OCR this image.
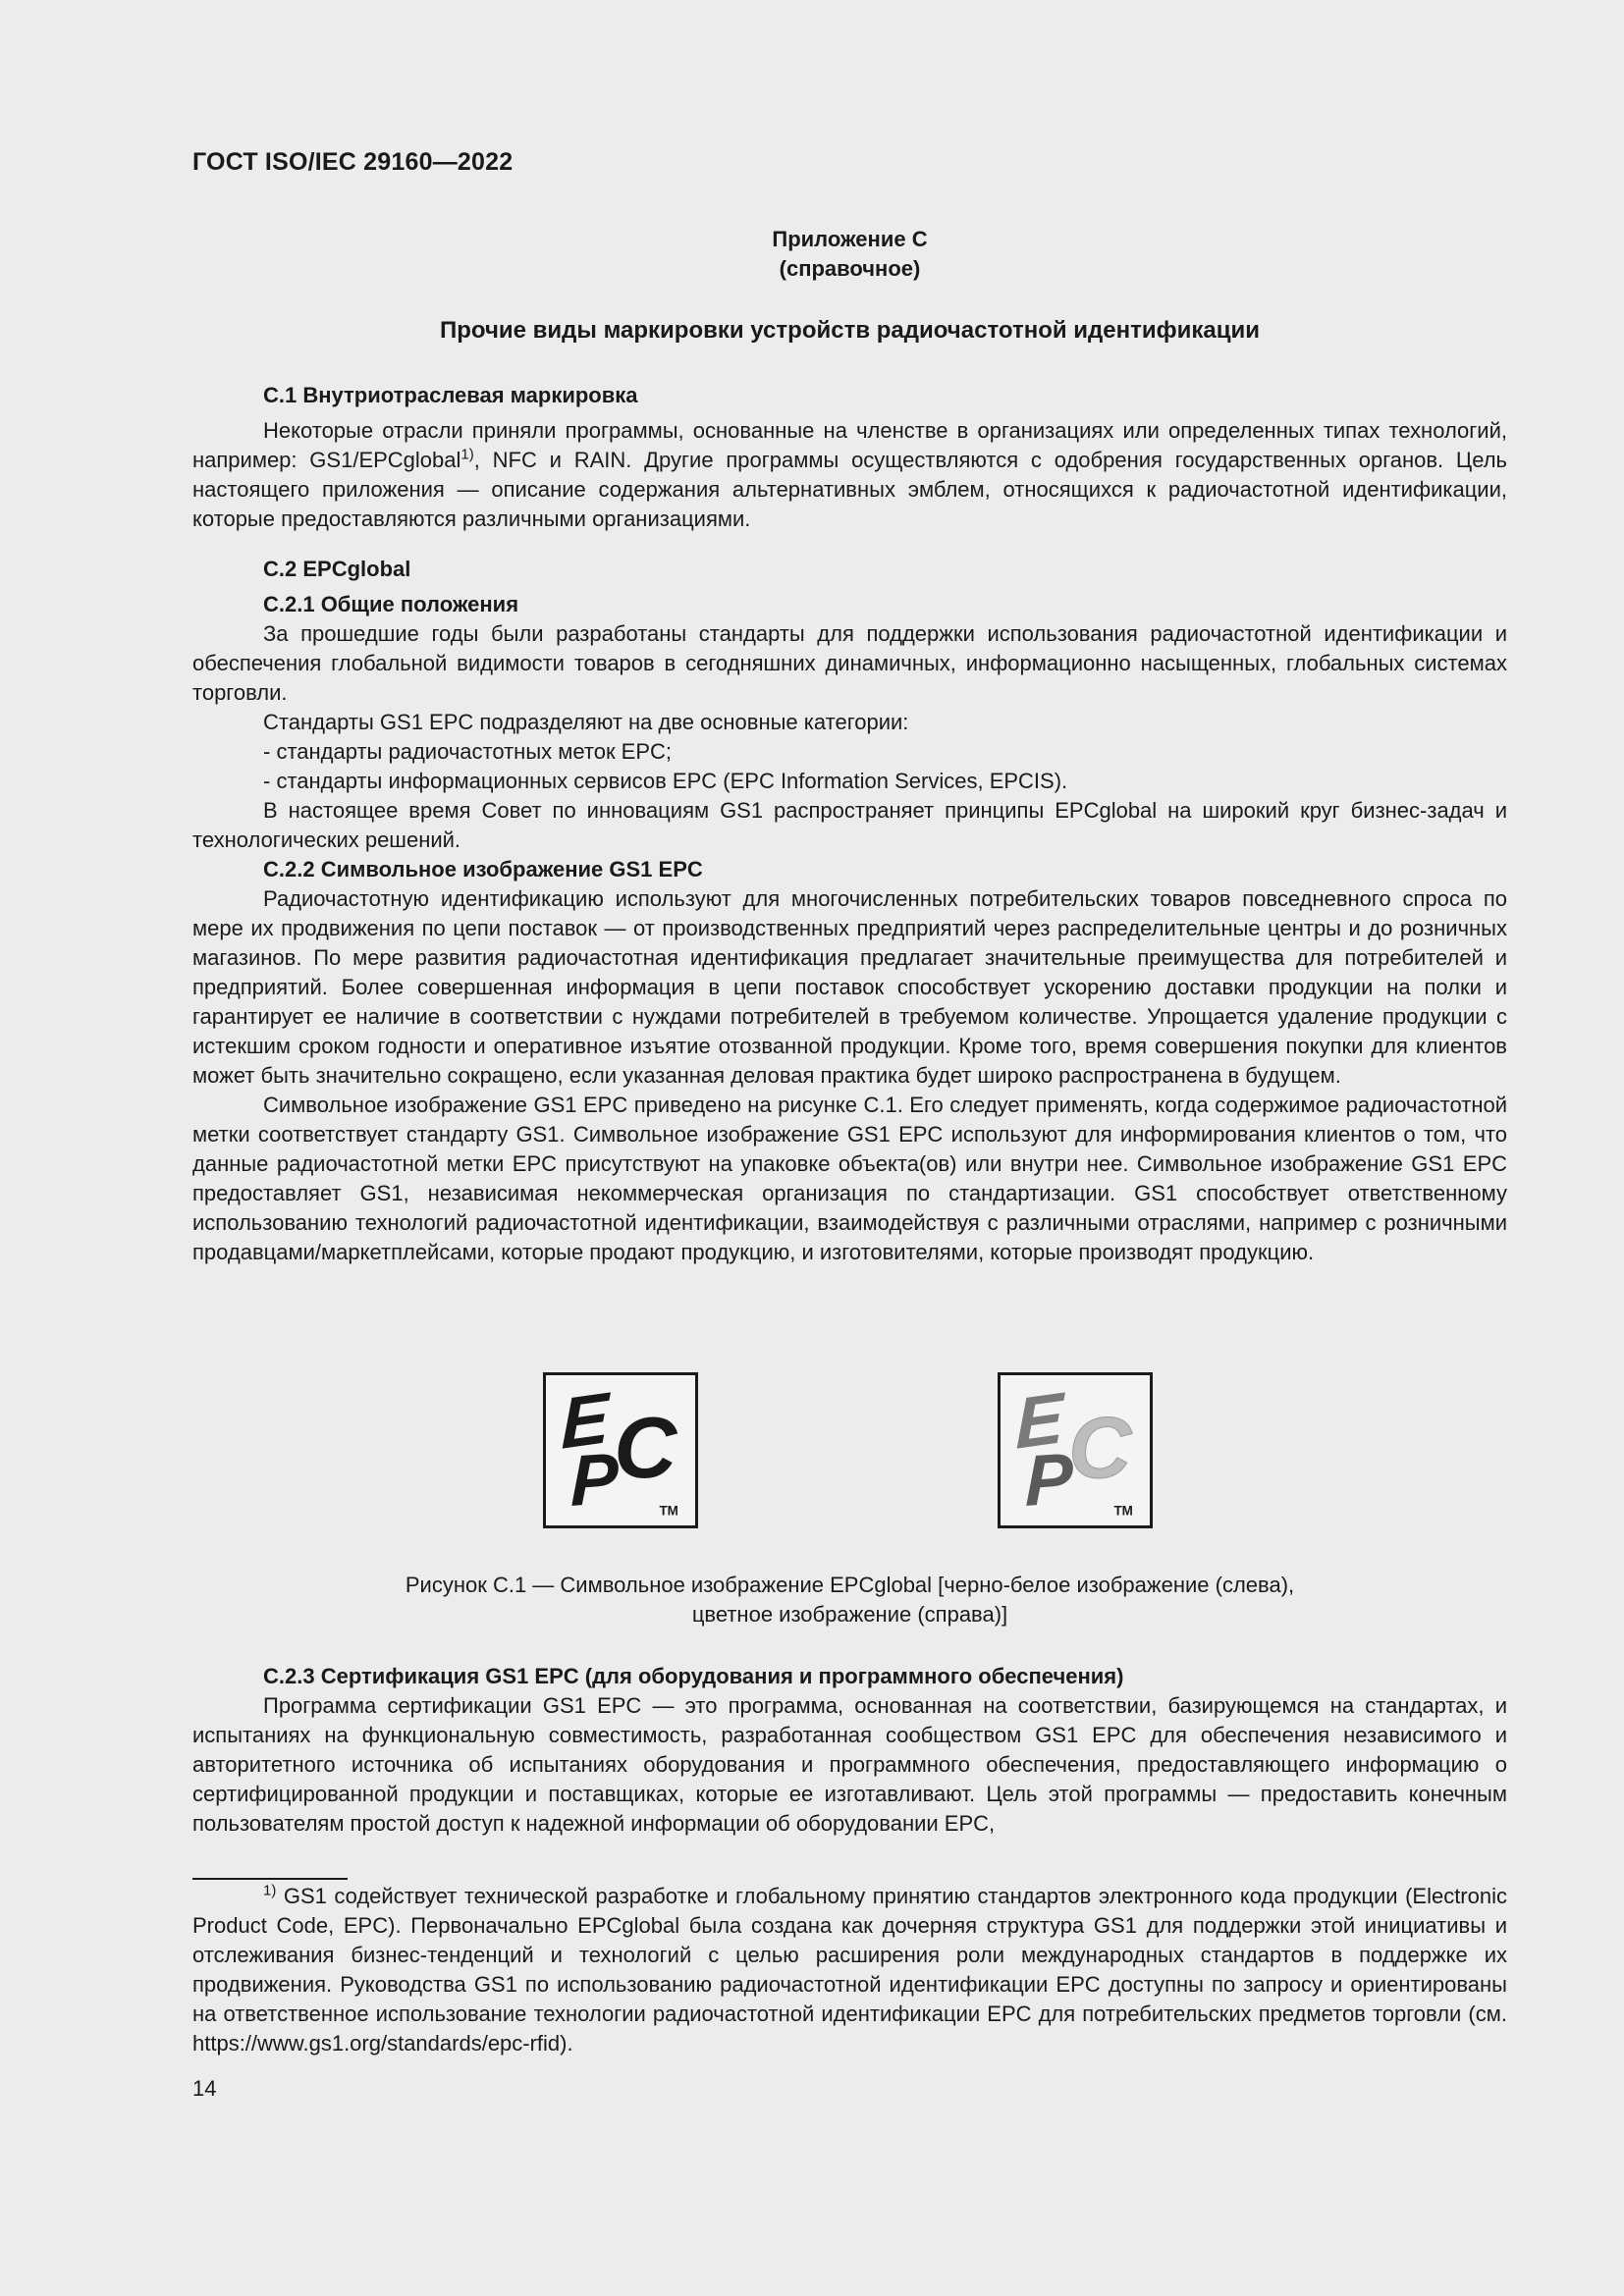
ГОСТ ISO/IEC 29160—2022
Приложение С
(справочное)
Прочие виды маркировки устройств радиочастотной идентификации
С.1 Внутриотраслевая маркировка

Некоторые отрасли приняли программы, основанные на членстве в организациях или определенных типах технологий, например: GS1/EPCglobal$^{1)}$, NFC и RAIN. Другие программы осуществляются с одобрения государственных органов. Цель настоящего приложения — описание содержания альтернативных эмблем, относящихся к радиочастотной идентификации, которые предоставляются различными организациями.

С.2 EPCglobal
С.2.1 Общие положения

За прошедшие годы были разработаны стандарты для поддержки использования радиочастотной идентификации и обеспечения глобальной видимости товаров в сегодняшних динамичных, информационно насыщенных, глобальных системах торговли.

Стандарты GS1 EPC подразделяют на две основные категории:

- стандарты радиочастотных меток EPC;

- стандарты информационных сервисов EPC (EPC Information Services, EPCIS).

В настоящее время Совет по инновациям GS1 распространяет принципы EPCglobal на широкий круг бизнес-задач и технологических решений.

С.2.2 Символьное изображение GS1 EPC

Радиочастотную идентификацию используют для многочисленных потребительских товаров повседневного спроса по мере их продвижения по цепи поставок — от производственных предприятий через распределительные центры и до розничных магазинов. По мере развития радиочастотная идентификация предлагает значительные преимущества для потребителей и предприятий. Более совершенная информация в цепи поставок способствует ускорению доставки продукции на полки и гарантирует ее наличие в соответствии с нуждами потребителей в требуемом количестве. Упрощается удаление продукции с истекшим сроком годности и оперативное изъятие отозванной продукции. Кроме того, время совершения покупки для клиентов может быть значительно сокращено, если указанная деловая практика будет широко распространена в будущем.

Символьное изображение GS1 EPC приведено на рисунке С.1. Его следует применять, когда содержимое радиочастотной метки соответствует стандарту GS1. Символьное изображение GS1 EPC используют для информирования клиентов о том, что данные радиочастотной метки EPC присутствуют на упаковке объекта(ов) или внутри нее. Символьное изображение GS1 EPC предоставляет GS1, независимая некоммерческая организация по стандартизации. GS1 способствует ответственному использованию технологий радиочастотной идентификации, взаимодействуя с различными отраслями, например с розничными продавцами/маркетплейсами, которые продают продукцию, и изготовителями, которые производят продукцию.

E
P
C
TM
E
P
C
TM
Рисунок С.1 — Символьное изображение EPCglobal [черно-белое изображение (слева),
цветное изображение (справа)]
С.2.3 Сертификация GS1 EPC (для оборудования и программного обеспечения)

Программа сертификации GS1 EPC — это программа, основанная на соответствии, базирующемся на стандартах, и испытаниях на функциональную совместимость, разработанная сообществом GS1 EPC для обеспечения независимого и авторитетного источника об испытаниях оборудования и программного обеспечения, предоставляющего информацию о сертифицированной продукции и поставщиках, которые ее изготавливают. Цель этой программы — предоставить конечным пользователям простой доступ к надежной информации об оборудовании EPC,

$^{1)}$ GS1 содействует технической разработке и глобальному принятию стандартов электронного кода продукции (Electronic Product Code, EPC). Первоначально EPCglobal была создана как дочерняя структура GS1 для поддержки этой инициативы и отслеживания бизнес-тенденций и технологий с целью расширения роли международных стандартов в поддержке их продвижения. Руководства GS1 по использованию радиочастотной идентификации EPC доступны по запросу и ориентированы на ответственное использование технологии радиочастотной идентификации EPC для потребительских предметов торговли (см. https://www.gs1.org/standards/epc-rfid).
14
